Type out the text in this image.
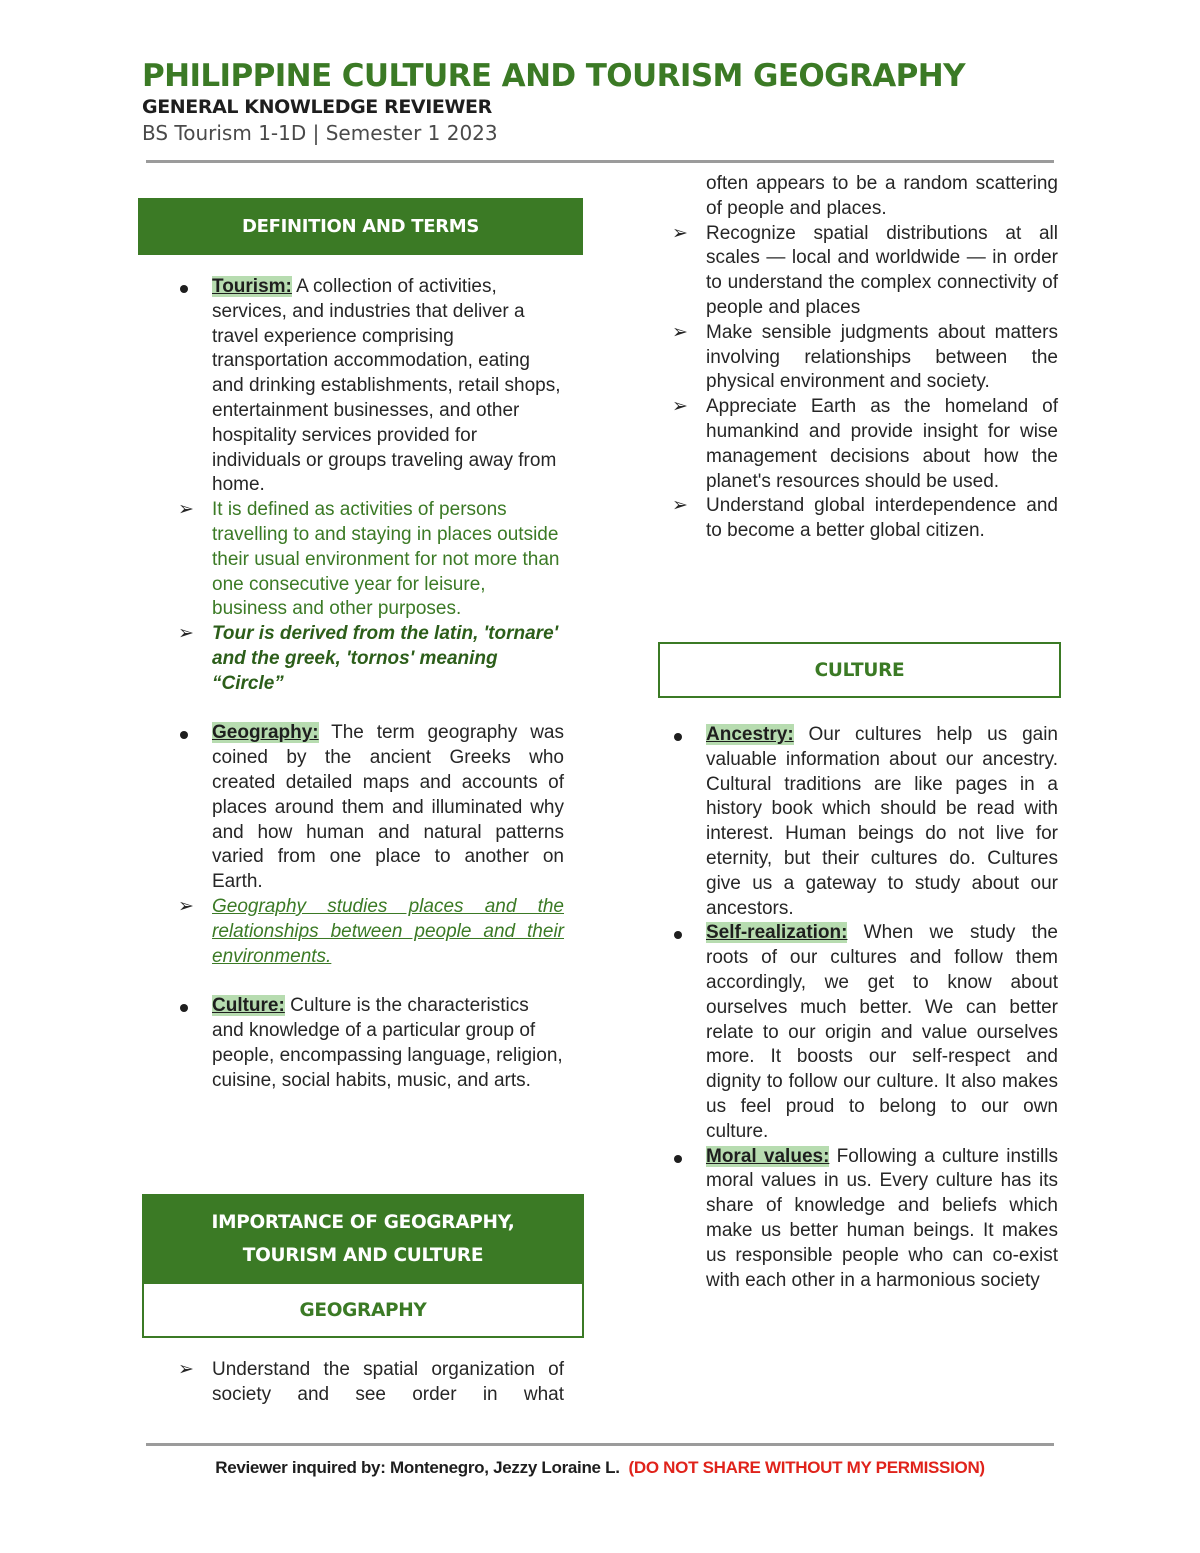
PHILIPPINE CULTURE AND TOURISM GEOGRAPHY
GENERAL KNOWLEDGE REVIEWER
BS Tourism 1-1D | Semester 1 2023
DEFINITION AND TERMS

Tourism: A collection of activities, services, and industries that deliver a travel experience comprising transportation accommodation, eating and drinking establishments, retail shops, entertainment businesses, and other hospitality services provided for individuals or groups traveling away from home.

➢ It is defined as activities of persons travelling to and staying in places outside their usual environment for not more than one consecutive year for leisure, business and other purposes.

➢ Tour is derived from the latin, 'tornare' and the greek, 'tornos' meaning “Circle”

Geography: The term geography was coined by the ancient Greeks who created detailed maps and accounts of places around them and illuminated why and how human and natural patterns varied from one place to another on Earth.

➢ Geography studies places and the relationships between people and their environments.

Culture: Culture is the characteristics and knowledge of a particular group of people, encompassing language, religion, cuisine, social habits, music, and arts.

IMPORTANCE OF GEOGRAPHY,
TOURISM AND CULTURE
GEOGRAPHY

➢ Understand the spatial organization of society and see order in what

often appears to be a random scattering of people and places.

➢ Recognize spatial distributions at all scales — local and worldwide — in order to understand the complex connectivity of people and places

➢ Make sensible judgments about matters involving relationships between the physical environment and society.

➢ Appreciate Earth as the homeland of humankind and provide insight for wise management decisions about how the planet's resources should be used.

➢ Understand global interdependence and to become a better global citizen.

CULTURE

Ancestry: Our cultures help us gain valuable information about our ancestry. Cultural traditions are like pages in a history book which should be read with interest. Human beings do not live for eternity, but their cultures do. Cultures give us a gateway to study about our ancestors.

Self-realization: When we study the roots of our cultures and follow them accordingly, we get to know about ourselves much better. We can better relate to our origin and value ourselves more. It boosts our self-respect and dignity to follow our culture. It also makes us feel proud to belong to our own culture.

Moral values: Following a culture instills moral values in us. Every culture has its share of knowledge and beliefs which make us better human beings. It makes us responsible people who can co-exist with each other in a harmonious society

Reviewer inquired by: Montenegro, Jezzy Loraine L. (DO NOT SHARE WITHOUT MY PERMISSION)
